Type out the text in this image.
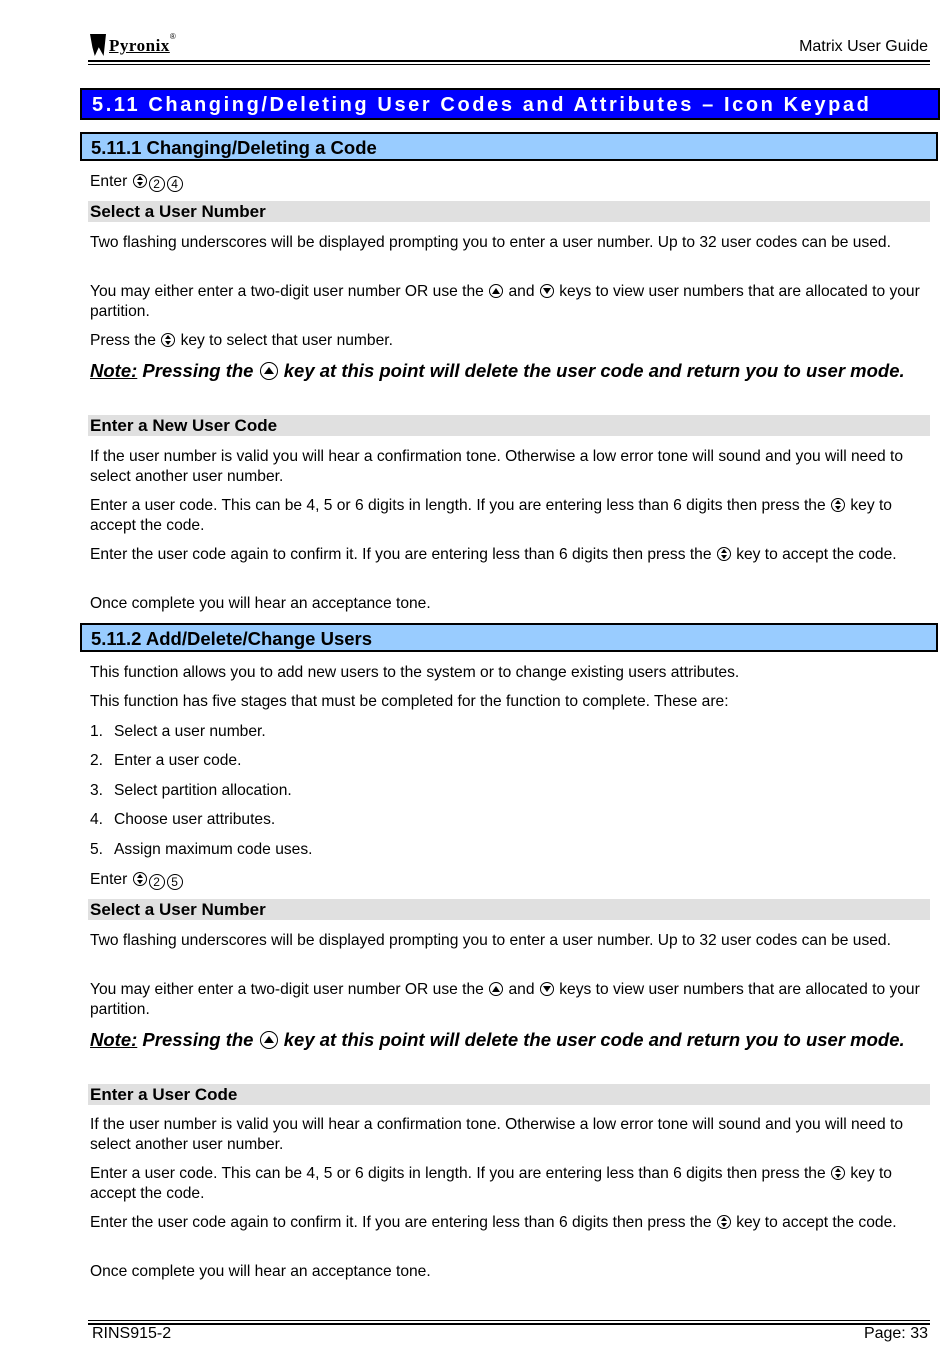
Pyronix ®
Matrix User Guide
5.11 Changing/Deleting User Codes and Attributes – Icon Keypad
5.11.1 Changing/Deleting a Code
Enter 2 4
Select a User Number
Two flashing underscores will be displayed prompting you to enter a user number. Up to 32 user codes can be used.
You may either enter a two-digit user number OR use the and keys to view user numbers that are allocated to your partition.
Press the key to select that user number.
Note: Pressing the key at this point will delete the user code and return you to user mode.
Enter a New User Code
If the user number is valid you will hear a confirmation tone. Otherwise a low error tone will sound and you will need to select another user number.
Enter a user code. This can be 4, 5 or 6 digits in length. If you are entering less than 6 digits then press the key to accept the code.
Enter the user code again to confirm it. If you are entering less than 6 digits then press the key to accept the code.
Once complete you will hear an acceptance tone.
5.11.2 Add/Delete/Change Users
This function allows you to add new users to the system or to change existing users attributes.
This function has five stages that must be completed for the function to complete. These are:
1. Select a user number.
2. Enter a user code.
3. Select partition allocation.
4. Choose user attributes.
5. Assign maximum code uses.
Enter 2 5
Select a User Number
Two flashing underscores will be displayed prompting you to enter a user number. Up to 32 user codes can be used.
You may either enter a two-digit user number OR use the and keys to view user numbers that are allocated to your partition.
Note: Pressing the key at this point will delete the user code and return you to user mode.
Enter a User Code
If the user number is valid you will hear a confirmation tone. Otherwise a low error tone will sound and you will need to select another user number.
Enter a user code. This can be 4, 5 or 6 digits in length. If you are entering less than 6 digits then press the key to accept the code.
Enter the user code again to confirm it. If you are entering less than 6 digits then press the key to accept the code.
Once complete you will hear an acceptance tone.
RINS915-2	Page: 33
